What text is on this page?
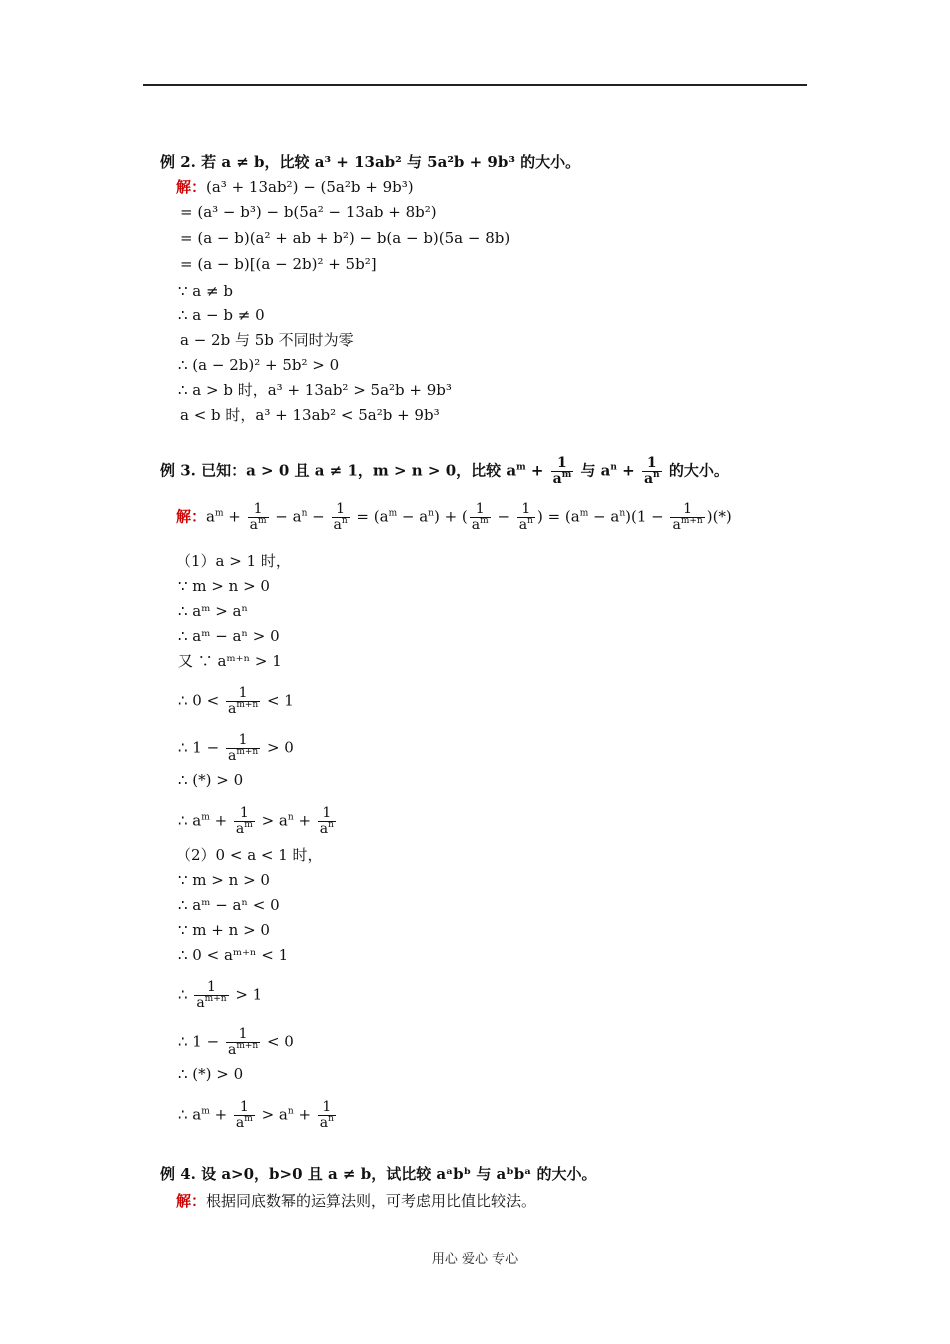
例 2. 若 a ≠ b，比较 a³ + 13ab² 与 5a²b + 9b³ 的大小。
解：(a³ + 13ab²) − (5a²b + 9b³)
= (a³ − b³) − b(5a² − 13ab + 8b²)
= (a − b)(a² + ab + b²) − b(a − b)(5a − 8b)
= (a − b)[(a − 2b)² + 5b²]
∵ a ≠ b
∴ a − b ≠ 0
a − 2b 与 5b 不同时为零
∴ (a − 2b)² + 5b² > 0
∴ a > b 时，a³ + 13ab² > 5a²b + 9b³
a < b 时，a³ + 13ab² < 5a²b + 9b³
例 3. 已知：a > 0 且 a ≠ 1，m > n > 0，比较 $a^m + \frac{1}{a^m}$ 与 $a^n + \frac{1}{a^n}$ 的大小。
解：$a^m + \frac{1}{a^m} - a^n - \frac{1}{a^n} = (a^m - a^n)$ + ( $\frac{1}{a^m} - \frac{1}{a^n}$ ) = $(a^m - a^n)(1 - \frac{1}{a^{m+n}}$ )(*)
（1）a > 1 时，
∵ m > n > 0
∴ aᵐ > aⁿ
∴ aᵐ − aⁿ > 0
又 ∵ aᵐ⁺ⁿ > 1
∴ $0 < \frac{1}{a^{m+n}} < 1$
∴ $1 - \frac{1}{a^{m+n}} > 0$
∴ (*) > 0
∴ $a^m + \frac{1}{a^m} > a^n + \frac{1}{a^n}$
（2）0 < a < 1 时，
∵ m > n > 0
∴ aᵐ − aⁿ < 0
∵ m + n > 0
∴ 0 < aᵐ⁺ⁿ < 1
∴ $\frac{1}{a^{m+n}} > 1$
∴ $1 - \frac{1}{a^{m+n}} < 0$
∴ (*) > 0
∴ $a^m + \frac{1}{a^m} > a^n + \frac{1}{a^n}$
例 4. 设 a>0，b>0 且 a ≠ b，试比较 aᵃbᵇ 与 aᵇbᵃ 的大小。
解：根据同底数幂的运算法则，可考虑用比值比较法。
用心 爱心 专心
